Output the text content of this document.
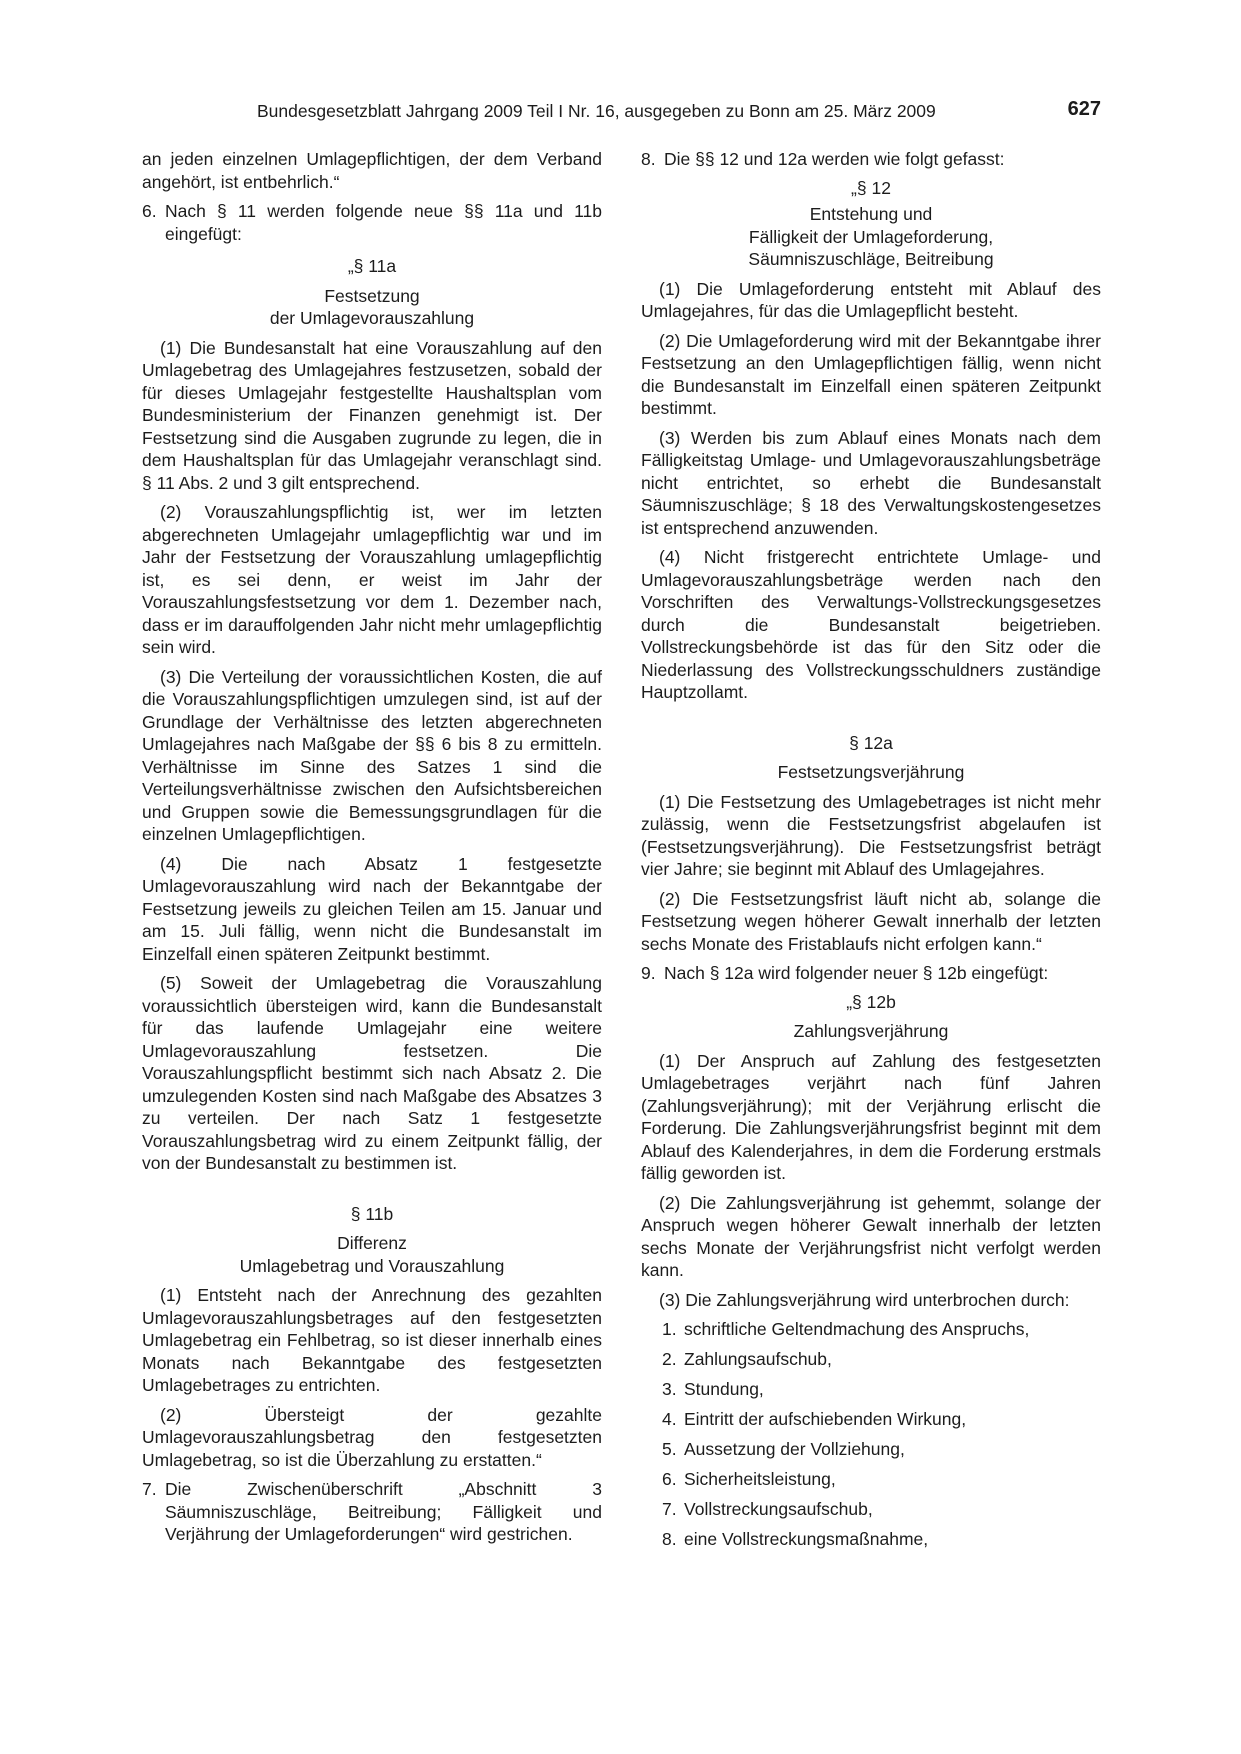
Bundesgesetzblatt Jahrgang 2009 Teil I Nr. 16, ausgegeben zu Bonn am 25. März 2009	627

an jeden einzelnen Umlagepflichtigen, der dem Verband angehört, ist entbehrlich.“

6. Nach § 11 werden folgende neue §§ 11a und 11b eingefügt:
„§ 11a
Festsetzung
der Umlagevorauszahlung

(1) Die Bundesanstalt hat eine Vorauszahlung auf den Umlagebetrag des Umlagejahres festzusetzen, sobald der für dieses Umlagejahr festgestellte Haushaltsplan vom Bundesministerium der Finanzen genehmigt ist. Der Festsetzung sind die Ausgaben zugrunde zu legen, die in dem Haushaltsplan für das Umlagejahr veranschlagt sind. § 11 Abs. 2 und 3 gilt entsprechend.

(2) Vorauszahlungspflichtig ist, wer im letzten abgerechneten Umlagejahr umlagepflichtig war und im Jahr der Festsetzung der Vorauszahlung umlagepflichtig ist, es sei denn, er weist im Jahr der Vorauszahlungsfestsetzung vor dem 1. Dezember nach, dass er im darauffolgenden Jahr nicht mehr umlagepflichtig sein wird.

(3) Die Verteilung der voraussichtlichen Kosten, die auf die Vorauszahlungspflichtigen umzulegen sind, ist auf der Grundlage der Verhältnisse des letzten abgerechneten Umlagejahres nach Maßgabe der §§ 6 bis 8 zu ermitteln. Verhältnisse im Sinne des Satzes 1 sind die Verteilungsverhältnisse zwischen den Aufsichtsbereichen und Gruppen sowie die Bemessungsgrundlagen für die einzelnen Umlagepflichtigen.

(4) Die nach Absatz 1 festgesetzte Umlagevorauszahlung wird nach der Bekanntgabe der Festsetzung jeweils zu gleichen Teilen am 15. Januar und am 15. Juli fällig, wenn nicht die Bundesanstalt im Einzelfall einen späteren Zeitpunkt bestimmt.

(5) Soweit der Umlagebetrag die Vorauszahlung voraussichtlich übersteigen wird, kann die Bundesanstalt für das laufende Umlagejahr eine weitere Umlagevorauszahlung festsetzen. Die Vorauszahlungspflicht bestimmt sich nach Absatz 2. Die umzulegenden Kosten sind nach Maßgabe des Absatzes 3 zu verteilen. Der nach Satz 1 festgesetzte Vorauszahlungsbetrag wird zu einem Zeitpunkt fällig, der von der Bundesanstalt zu bestimmen ist.

§ 11b
Differenz
Umlagebetrag und Vorauszahlung

(1) Entsteht nach der Anrechnung des gezahlten Umlagevorauszahlungsbetrages auf den festgesetzten Umlagebetrag ein Fehlbetrag, so ist dieser innerhalb eines Monats nach Bekanntgabe des festgesetzten Umlagebetrages zu entrichten.

(2) Übersteigt der gezahlte Umlagevorauszahlungsbetrag den festgesetzten Umlagebetrag, so ist die Überzahlung zu erstatten.“

7. Die Zwischenüberschrift „Abschnitt 3 Säumniszuschläge, Beitreibung; Fälligkeit und Verjährung der Umlageforderungen“ wird gestrichen.
8. Die §§ 12 und 12a werden wie folgt gefasst:
„§ 12
Entstehung und
Fälligkeit der Umlageforderung,
Säumniszuschläge, Beitreibung

(1) Die Umlageforderung entsteht mit Ablauf des Umlagejahres, für das die Umlagepflicht besteht.

(2) Die Umlageforderung wird mit der Bekanntgabe ihrer Festsetzung an den Umlagepflichtigen fällig, wenn nicht die Bundesanstalt im Einzelfall einen späteren Zeitpunkt bestimmt.

(3) Werden bis zum Ablauf eines Monats nach dem Fälligkeitstag Umlage- und Umlagevorauszahlungsbeträge nicht entrichtet, so erhebt die Bundesanstalt Säumniszuschläge; § 18 des Verwaltungskostengesetzes ist entsprechend anzuwenden.

(4) Nicht fristgerecht entrichtete Umlage- und Umlagevorauszahlungsbeträge werden nach den Vorschriften des Verwaltungs-Vollstreckungsgesetzes durch die Bundesanstalt beigetrieben. Vollstreckungsbehörde ist das für den Sitz oder die Niederlassung des Vollstreckungsschuldners zuständige Hauptzollamt.

§ 12a
Festsetzungsverjährung

(1) Die Festsetzung des Umlagebetrages ist nicht mehr zulässig, wenn die Festsetzungsfrist abgelaufen ist (Festsetzungsverjährung). Die Festsetzungsfrist beträgt vier Jahre; sie beginnt mit Ablauf des Umlagejahres.

(2) Die Festsetzungsfrist läuft nicht ab, solange die Festsetzung wegen höherer Gewalt innerhalb der letzten sechs Monate des Fristablaufs nicht erfolgen kann.“

9. Nach § 12a wird folgender neuer § 12b eingefügt:
„§ 12b
Zahlungsverjährung

(1) Der Anspruch auf Zahlung des festgesetzten Umlagebetrages verjährt nach fünf Jahren (Zahlungsverjährung); mit der Verjährung erlischt die Forderung. Die Zahlungsverjährungsfrist beginnt mit dem Ablauf des Kalenderjahres, in dem die Forderung erstmals fällig geworden ist.

(2) Die Zahlungsverjährung ist gehemmt, solange der Anspruch wegen höherer Gewalt innerhalb der letzten sechs Monate der Verjährungsfrist nicht verfolgt werden kann.

(3) Die Zahlungsverjährung wird unterbrochen durch:

1. schriftliche Geltendmachung des Anspruchs,
2. Zahlungsaufschub,
3. Stundung,
4. Eintritt der aufschiebenden Wirkung,
5. Aussetzung der Vollziehung,
6. Sicherheitsleistung,
7. Vollstreckungsaufschub,
8. eine Vollstreckungsmaßnahme,
